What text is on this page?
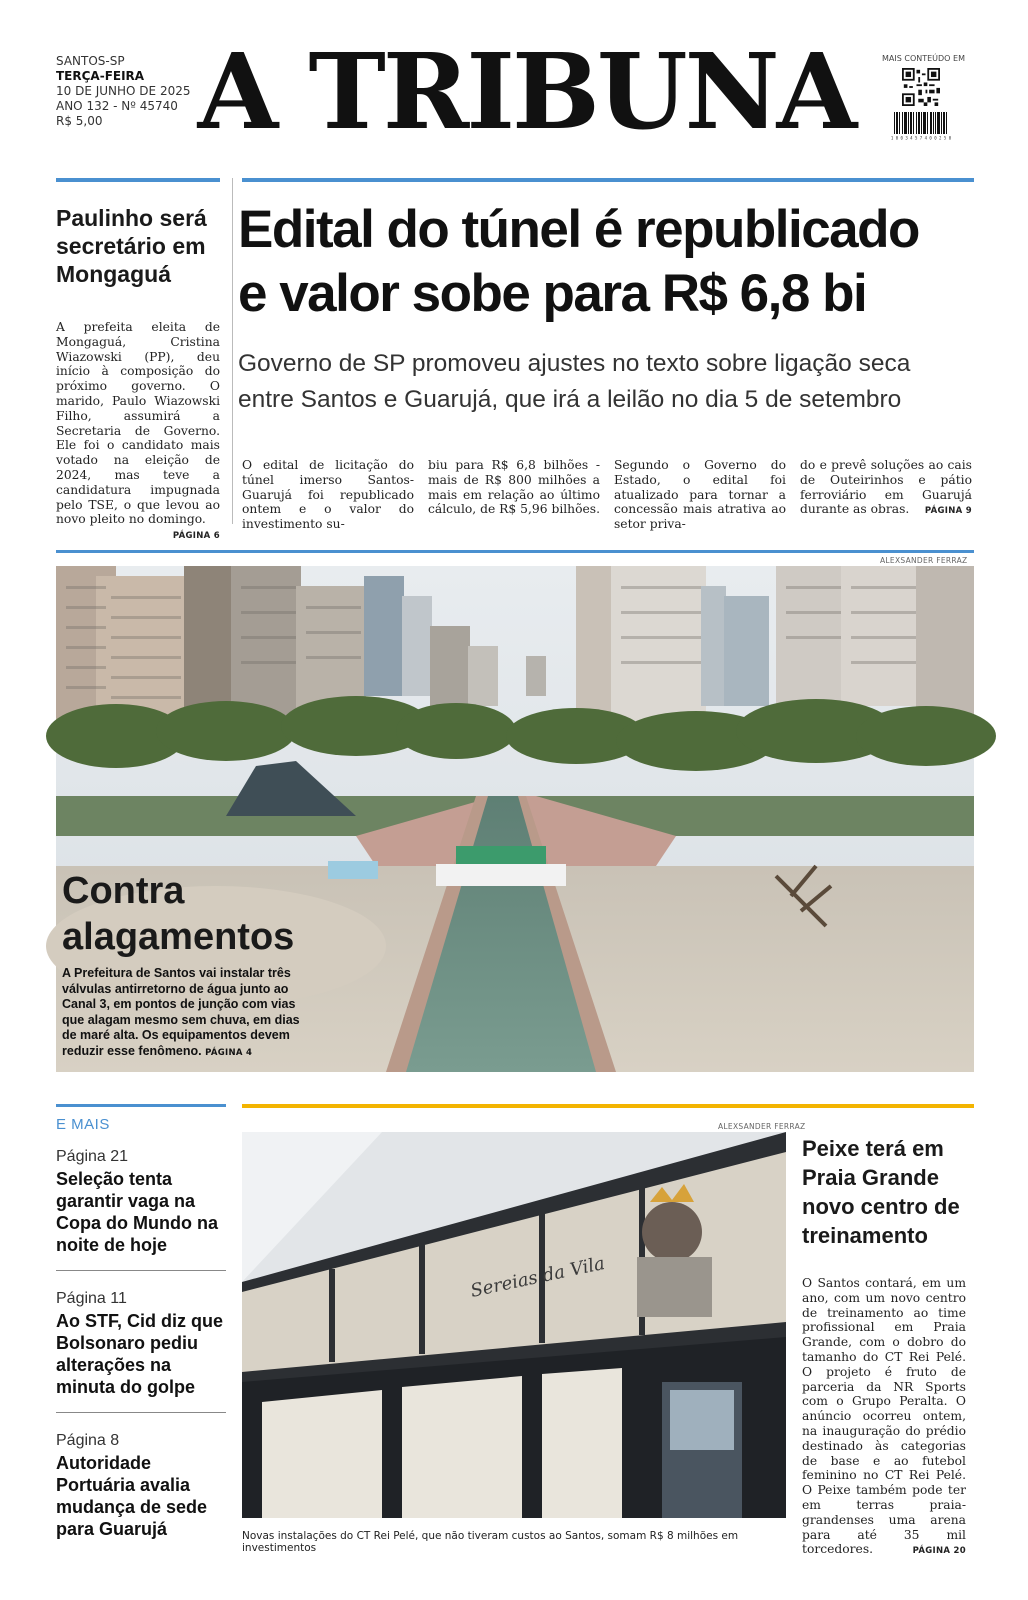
SANTOS-SP
TERÇA-FEIRA
10 DE JUNHO DE 2025
ANO 132 - Nº 45740
R$ 5,00 A TRIBUNA	MAIS CONTEÚDO EM
1 0 0 3 4 5 7 4 0 0 2 5 0
Paulinho será secretário em Mongaguá
A prefeita eleita de Mongaguá, Cristina Wiazowski (PP), deu início à composição do próximo governo. O marido, Paulo Wiazowski Filho, assumirá a Secretaria de Governo. Ele foi o candidato mais votado na eleição de 2024, mas teve a candidatura impugnada pelo TSE, o que levou ao novo pleito no domingo.
PÁGINA 6
Edital do túnel é republicado e valor sobe para R$ 6,8 bi
Governo de SP promoveu ajustes no texto sobre ligação seca entre Santos e Guarujá, que irá a leilão no dia 5 de setembro
O edital de licitação do túnel imerso Santos-Guarujá foi republicado ontem e o valor do investimento su-
biu para R$ 6,8 bilhões - mais de R$ 800 milhões a mais em relação ao último cálculo, de R$ 5,96 bilhões.
Segundo o Governo do Estado, o edital foi atualizado para tornar a concessão mais atrativa ao setor priva-
do e prevê soluções ao cais de Outeirinhos e pátio ferroviário em Guarujá durante as obras. PÁGINA 9
ALEXSANDER FERRAZ
Contra alagamentos
A Prefeitura de Santos vai instalar três válvulas antirretorno de água junto ao Canal 3, em pontos de junção com vias que alagam mesmo sem chuva, em dias de maré alta. Os equipamentos devem reduzir esse fenômeno. PÁGINA 4
E MAIS
Página 21
Seleção tenta garantir vaga na Copa do Mundo na noite de hoje
Página 11
Ao STF, Cid diz que Bolsonaro pediu alterações na minuta do golpe
Página 8
Autoridade Portuária avalia mudança de sede para Guarujá
ALEXSANDER FERRAZ
Sereias da Vila
Novas instalações do CT Rei Pelé, que não tiveram custos ao Santos, somam R$ 8 milhões em investimentos
Peixe terá em Praia Grande novo centro de treinamento
O Santos contará, em um ano, com um novo centro de treinamento ao time profissional em Praia Grande, com o dobro do tamanho do CT Rei Pelé. O projeto é fruto de parceria da NR Sports com o Grupo Peralta. O anúncio ocorreu ontem, na inauguração do prédio destinado às categorias de base e ao futebol feminino no CT Rei Pelé. O Peixe também pode ter em terras praia-grandenses uma arena para até 35 mil torcedores.	PÁGINA 20
